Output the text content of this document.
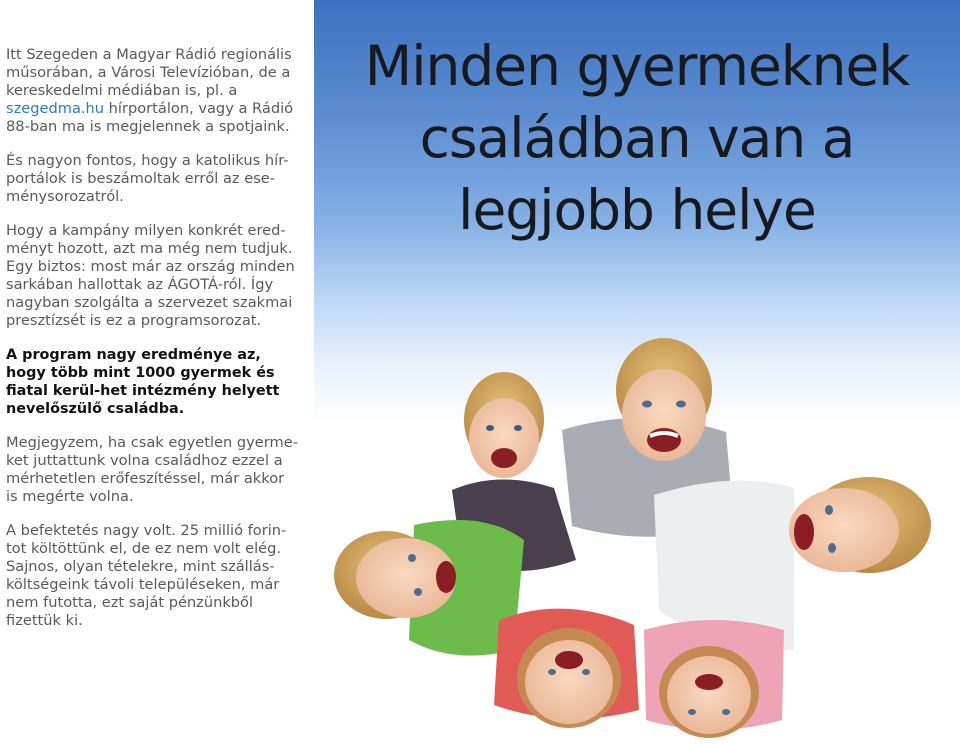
Itt Szegeden a Magyar Rádió regionális műsorában, a Városi Televízióban, de a kereskedelmi médiában is, pl. a szegedma.hu hírportálon, vagy a Rádió 88-ban ma is megjelennek a spotjaink.

És nagyon fontos, hogy a katolikus hír-portálok is beszámoltak erről az ese-ménysorozatról.

Hogy a kampány milyen konkrét ered-ményt hozott, azt ma még nem tudjuk. Egy biztos: most már az ország minden sarkában hallottak az ÁGOTÁ-ról. Így nagyban szolgálta a szervezet szakmai presztízsét is ez a programsorozat.

A program nagy eredménye az, hogy több mint 1000 gyermek és fiatal kerül-het intézmény helyett nevelőszülő családba.

Megjegyzem, ha csak egyetlen gyerme-ket juttattunk volna családhoz ezzel a mérhetetlen erőfeszítéssel, már akkor is megérte volna.

A befektetés nagy volt. 25 millió forin-tot költöttünk el, de ez nem volt elég. Sajnos, olyan tételekre, mint szállás-költségeink távoli településeken, már nem futotta, ezt saját pénzünkből fizettük ki.

Minden gyermeknek
családban van a
legjobb helye
